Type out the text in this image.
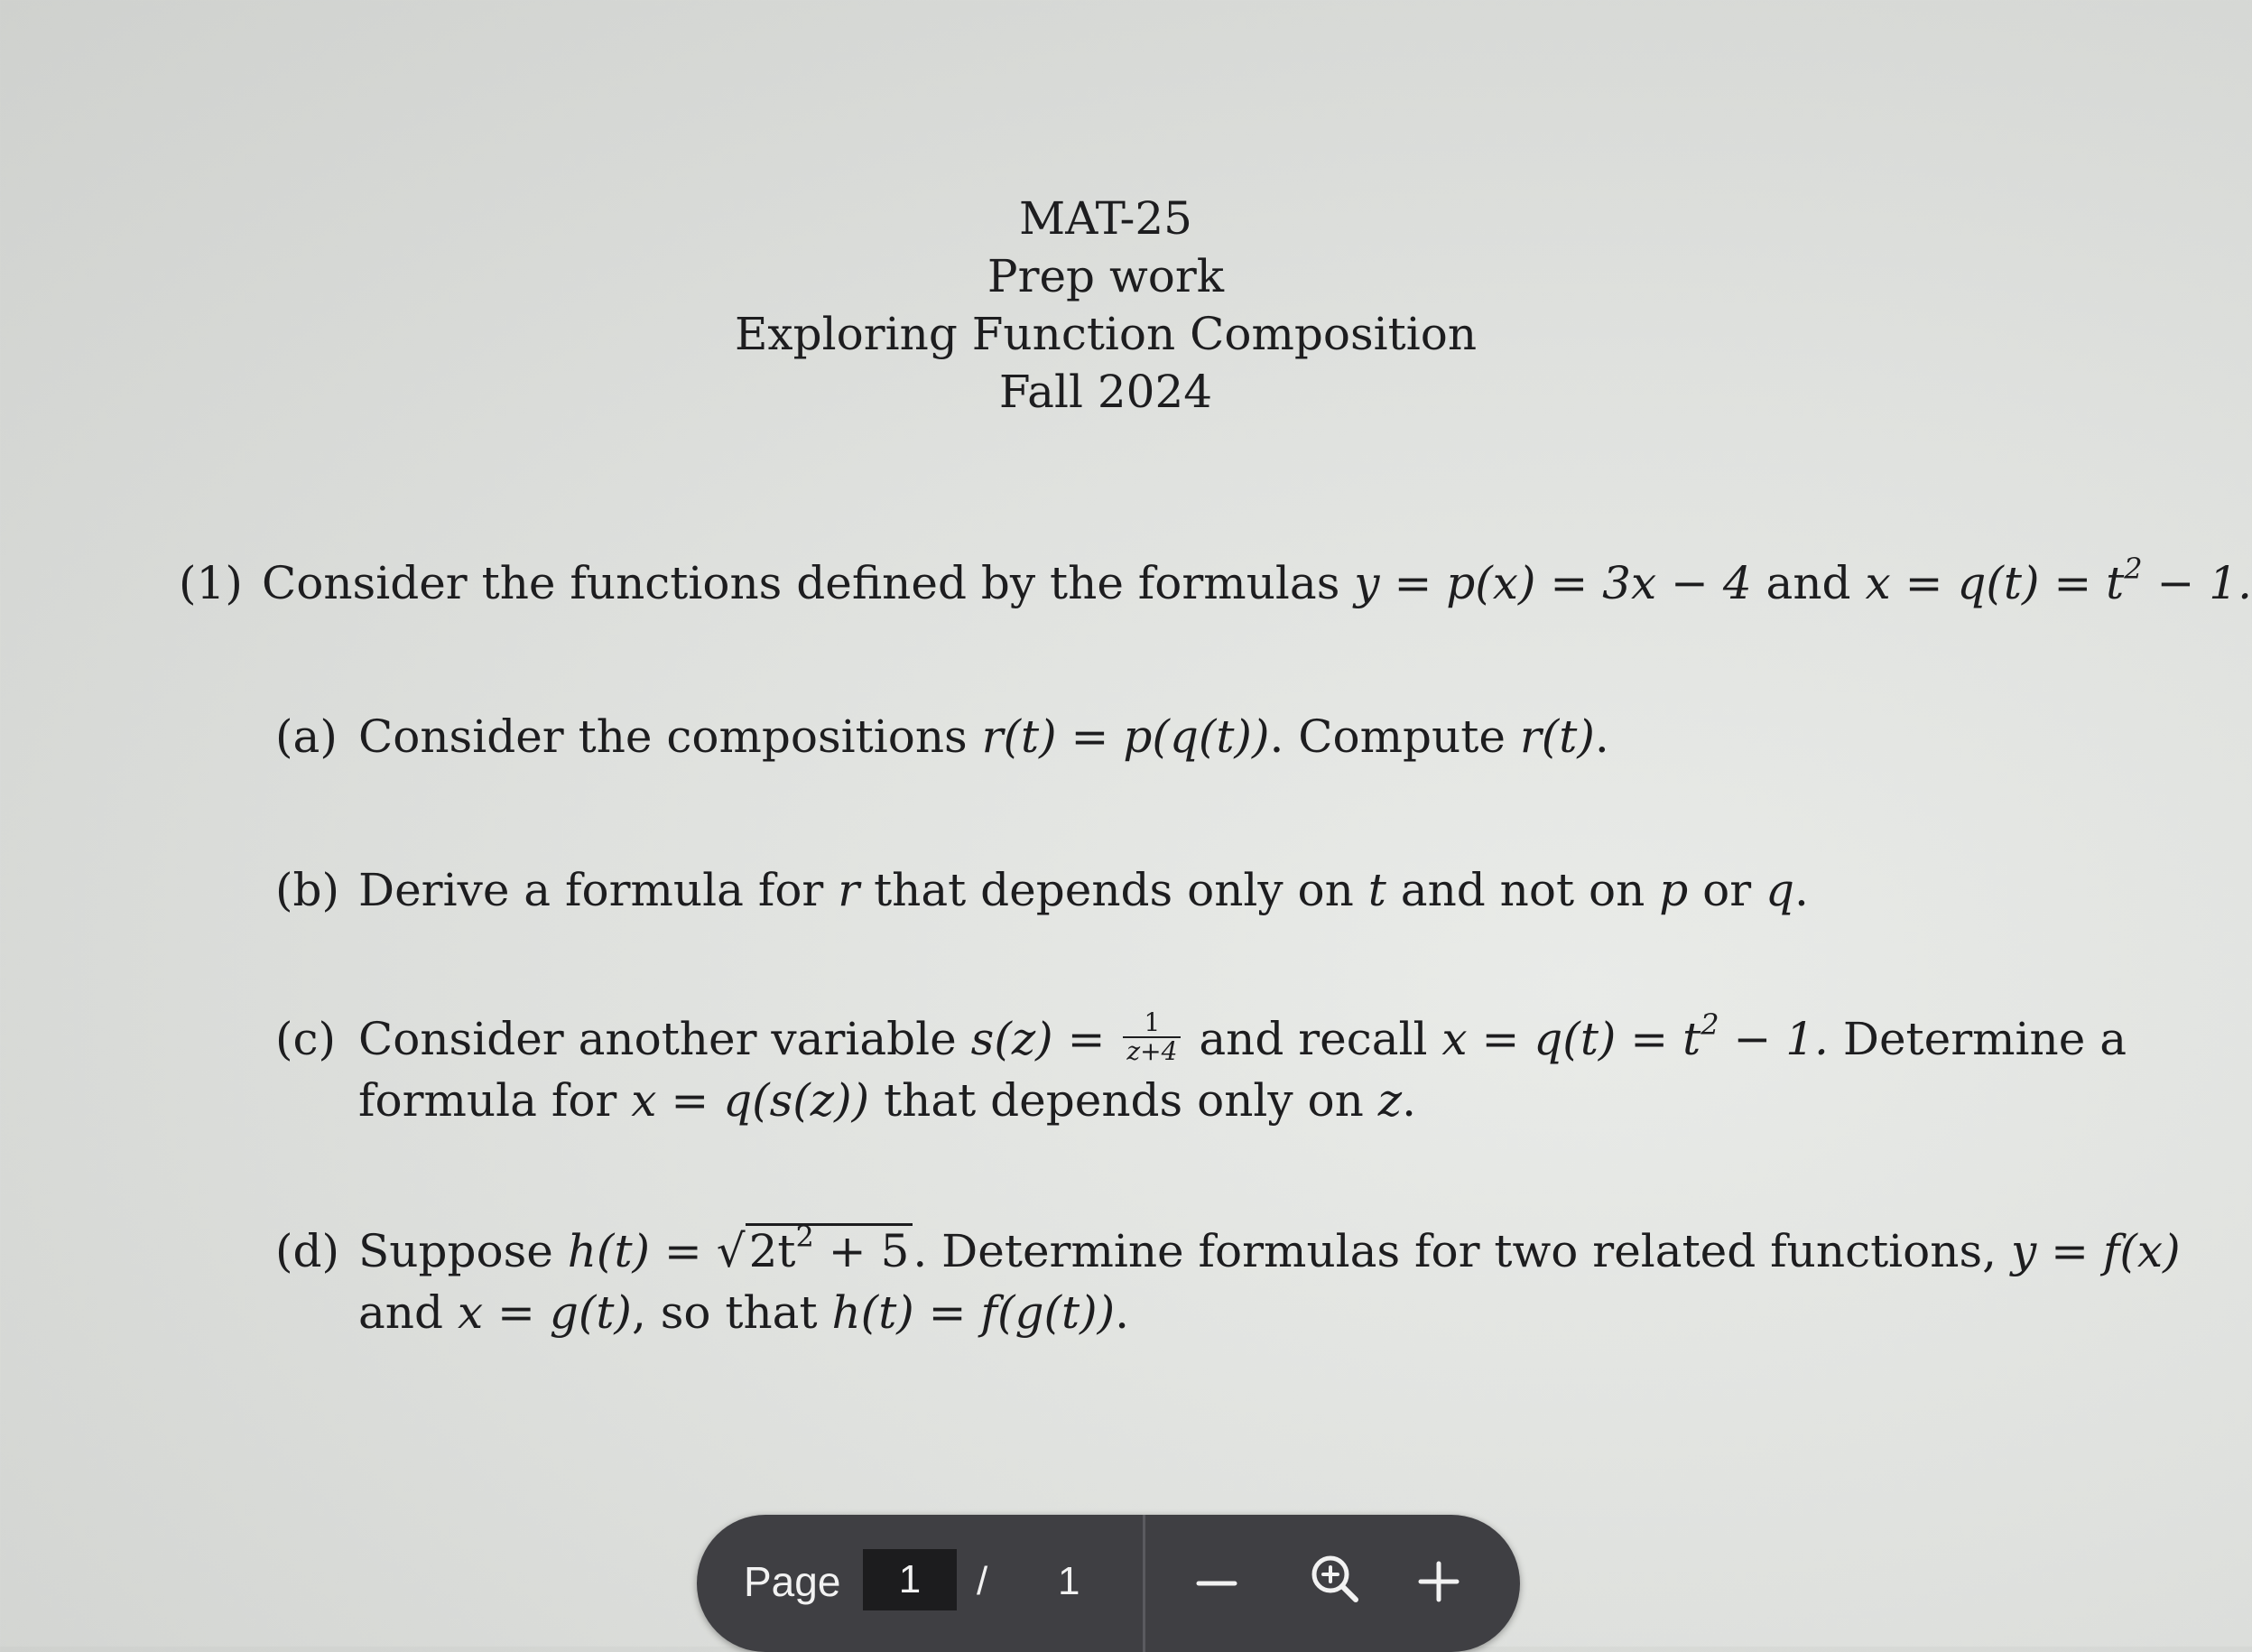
MAT-25
Prep work
Exploring Function Composition
Fall 2024
(1) Consider the functions defined by the formulas y = p(x) = 3x − 4 and $x = q(t) = t^2 - 1$.
(a) Consider the compositions r(t) = p(q(t)). Compute r(t).
(b) Derive a formula for r that depends only on t and not on p or q.
(c) Consider another variable $s(z) = \frac{1}{z+4}$ and recall $x = q(t) = t^2 - 1$. Determine a
formula for x = q(s(z)) that depends only on z.
(d) Suppose $h(t) = √2t^2 + 5$. Determine formulas for two related functions, y = f(x)
and x = g(t), so that h(t) = f(g(t)).
Page
1	/ 1
